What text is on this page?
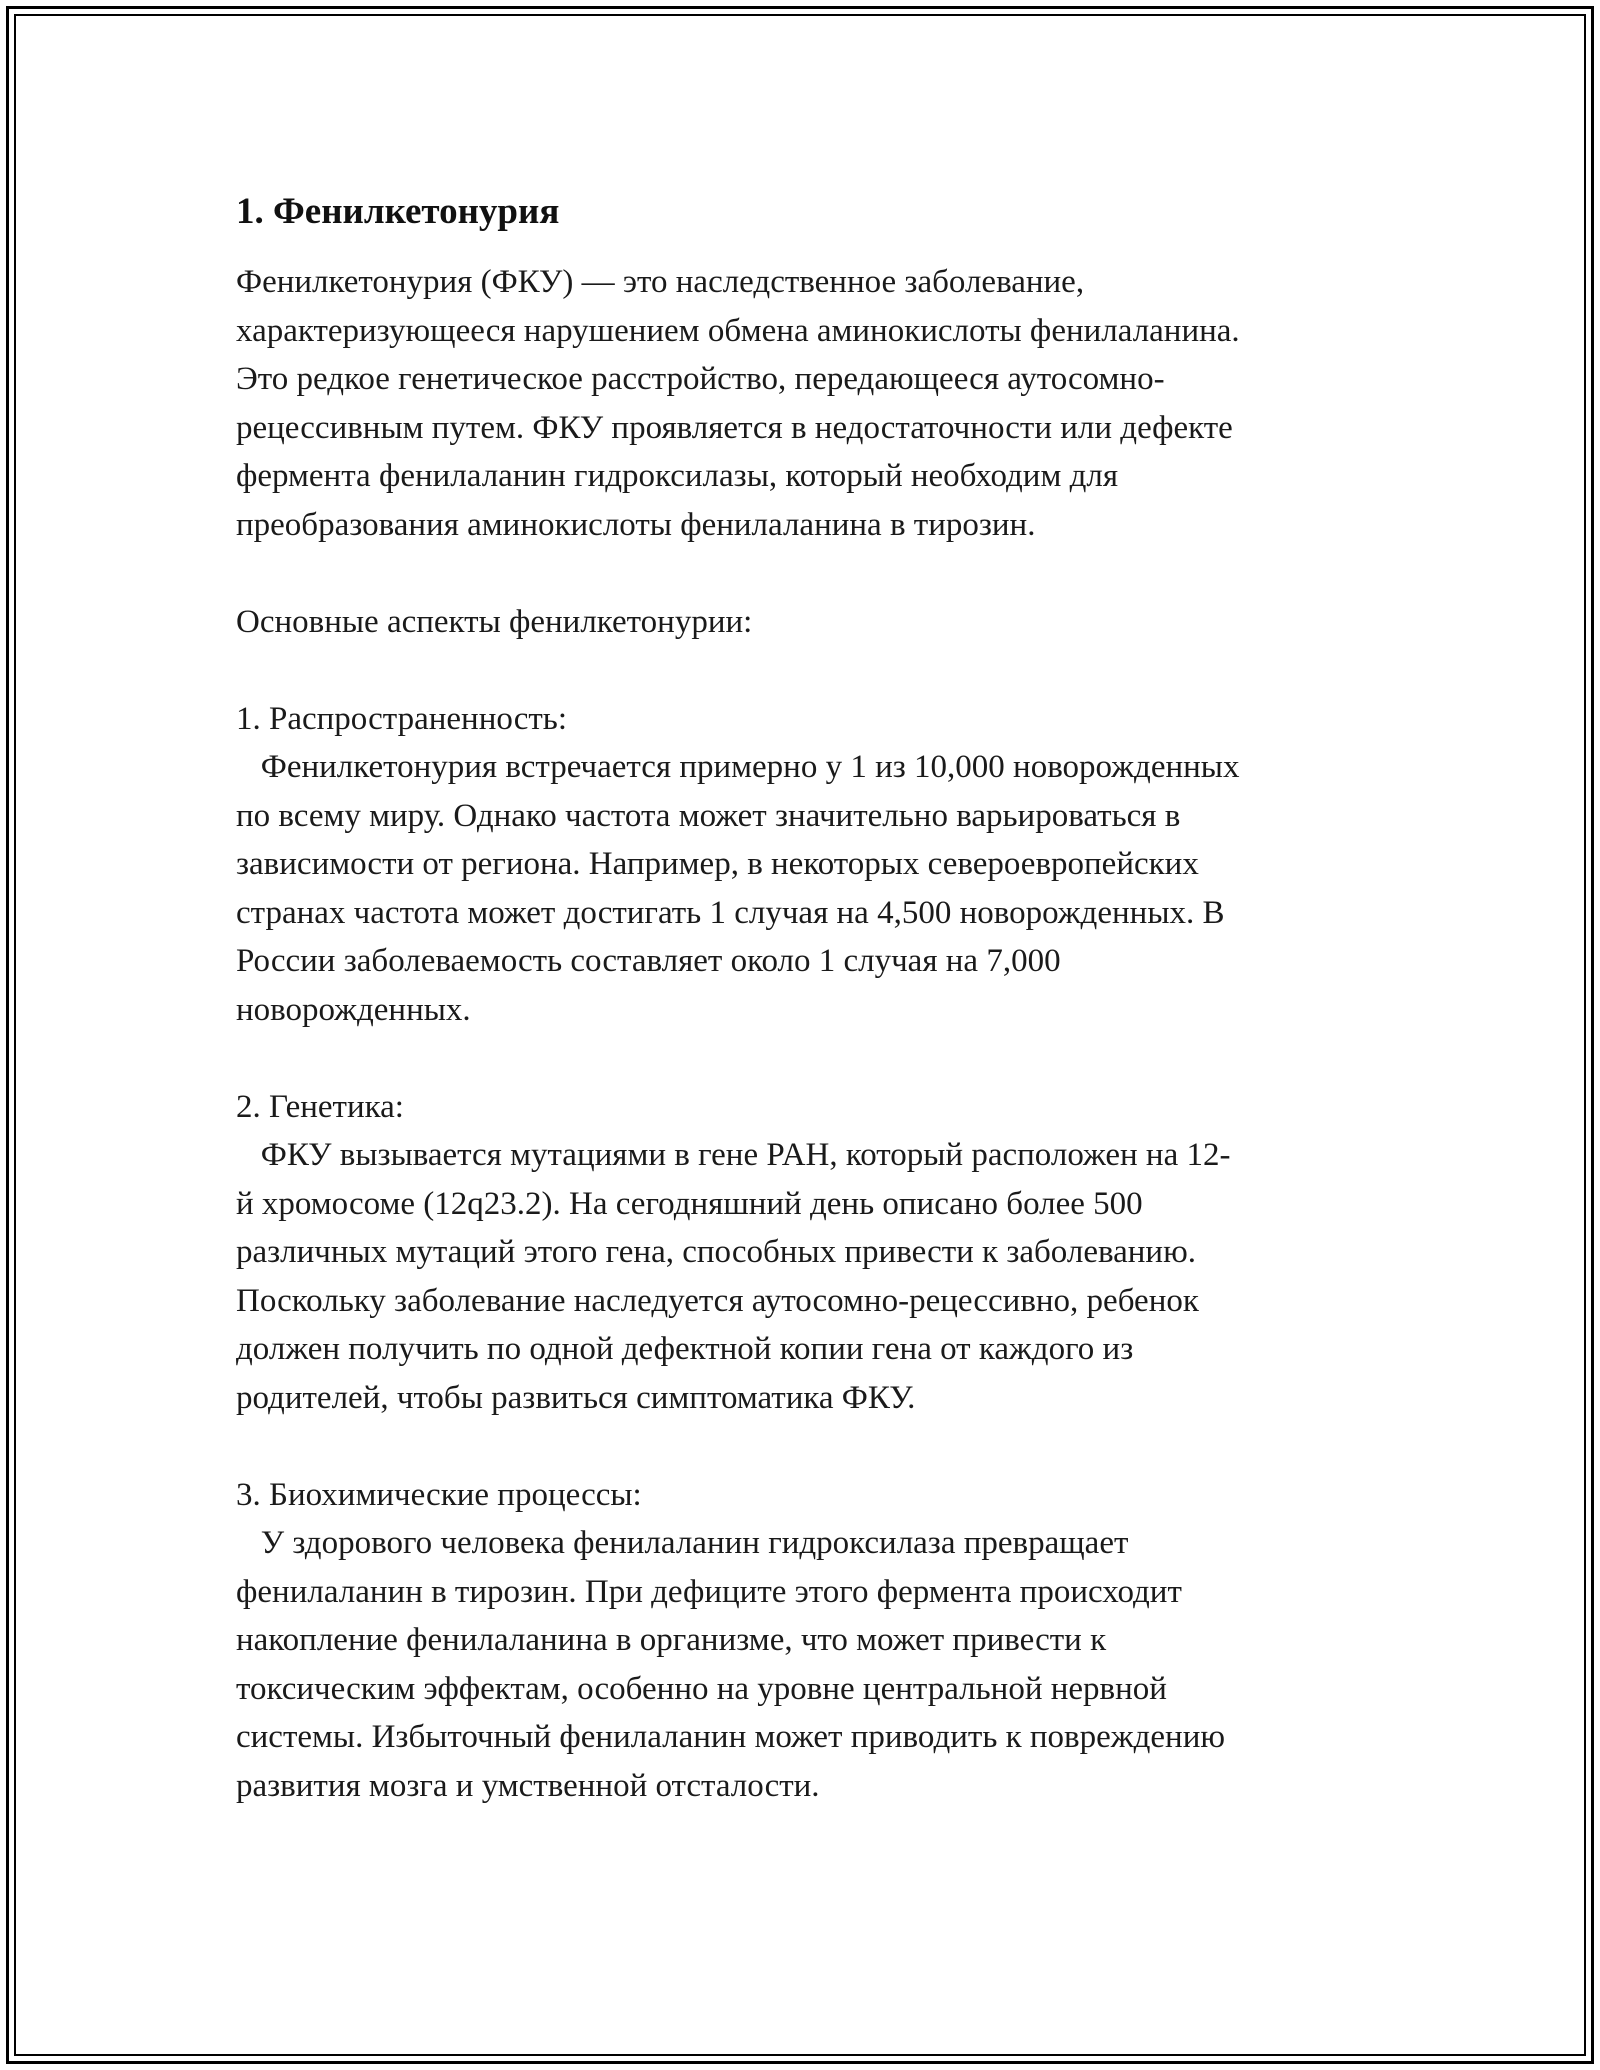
1. Фенилкетонурия

Фенилкетонурия (ФКУ) — это наследственное заболевание,
характеризующееся нарушением обмена аминокислоты фенилаланина.
Это редкое генетическое расстройство, передающееся аутосомно-
рецессивным путем. ФКУ проявляется в недостаточности или дефекте
фермента фенилаланин гидроксилазы, который необходим для
преобразования аминокислоты фенилаланина в тирозин.

Основные аспекты фенилкетонурии:

1. Распространенность:

Фенилкетонурия встречается примерно у 1 из 10,000 новорожденных
по всему миру. Однако частота может значительно варьироваться в
зависимости от региона. Например, в некоторых североевропейских
странах частота может достигать 1 случая на 4,500 новорожденных. В
России заболеваемость составляет около 1 случая на 7,000
новорожденных.

2. Генетика:

ФКУ вызывается мутациями в гене PAH, который расположен на 12-
й хромосоме (12q23.2). На сегодняшний день описано более 500
различных мутаций этого гена, способных привести к заболеванию.
Поскольку заболевание наследуется аутосомно-рецессивно, ребенок
должен получить по одной дефектной копии гена от каждого из
родителей, чтобы развиться симптоматика ФКУ.

3. Биохимические процессы:

У здорового человека фенилаланин гидроксилаза превращает
фенилаланин в тирозин. При дефиците этого фермента происходит
накопление фенилаланина в организме, что может привести к
токсическим эффектам, особенно на уровне центральной нервной
системы. Избыточный фенилаланин может приводить к повреждению
развития мозга и умственной отсталости.
